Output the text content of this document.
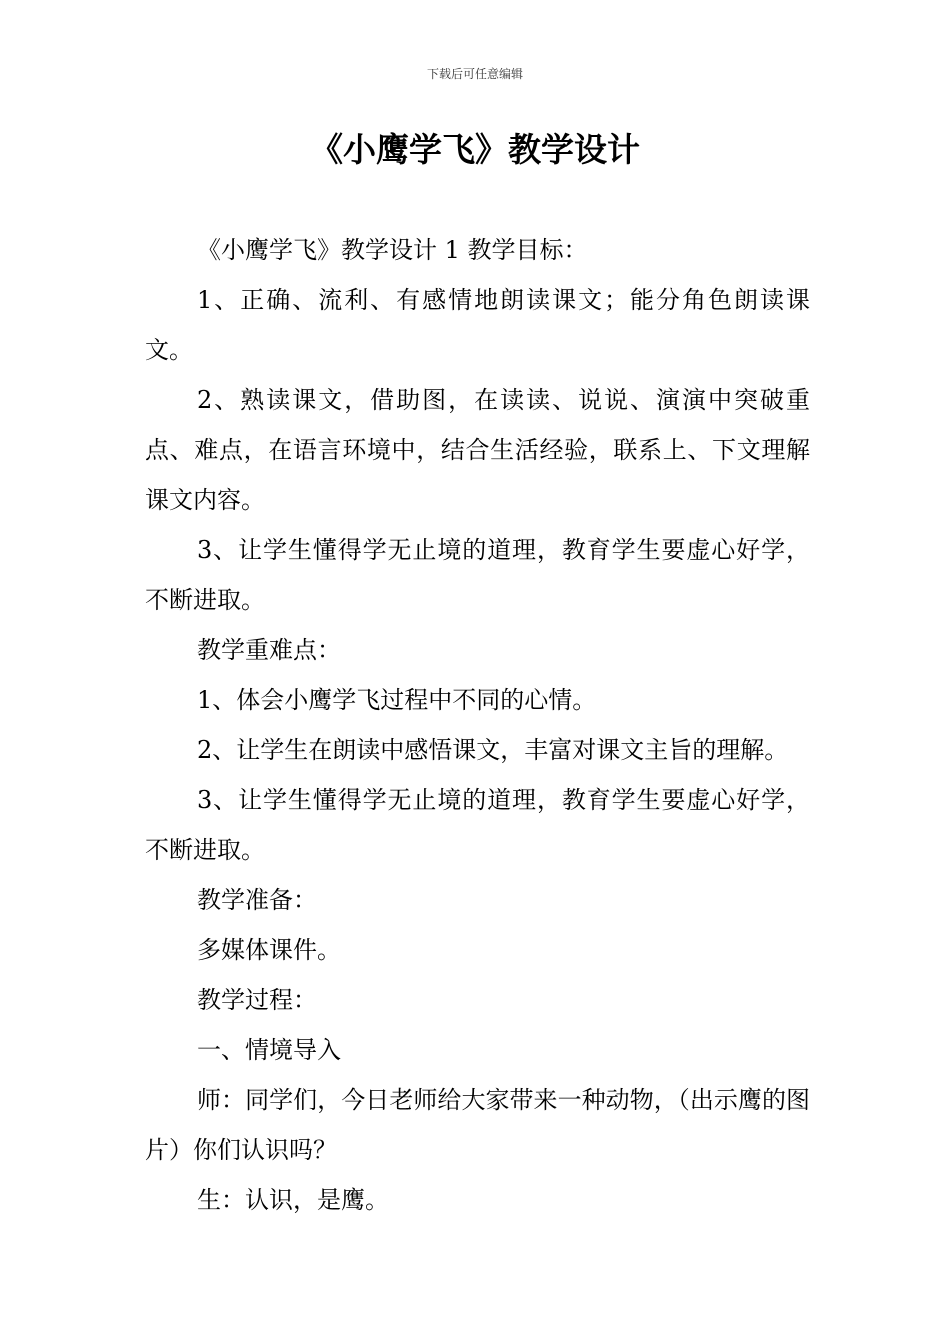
下载后可任意编辑
《小鹰学飞》教学设计

《小鹰学飞》教学设计 1 教学目标：

1、正确、流利、有感情地朗读课文；能分角色朗读课文。

2、熟读课文，借助图，在读读、说说、演演中突破重点、难点，在语言环境中，结合生活经验，联系上、下文理解课文内容。

3、让学生懂得学无止境的道理，教育学生要虚心好学，不断进取。

教学重难点：

1、体会小鹰学飞过程中不同的心情。

2、让学生在朗读中感悟课文，丰富对课文主旨的理解。

3、让学生懂得学无止境的道理，教育学生要虚心好学，不断进取。

教学准备：

多媒体课件。

教学过程：

一、情境导入

师：同学们，今日老师给大家带来一种动物，（出示鹰的图片）你们认识吗？

生：认识，是鹰。
